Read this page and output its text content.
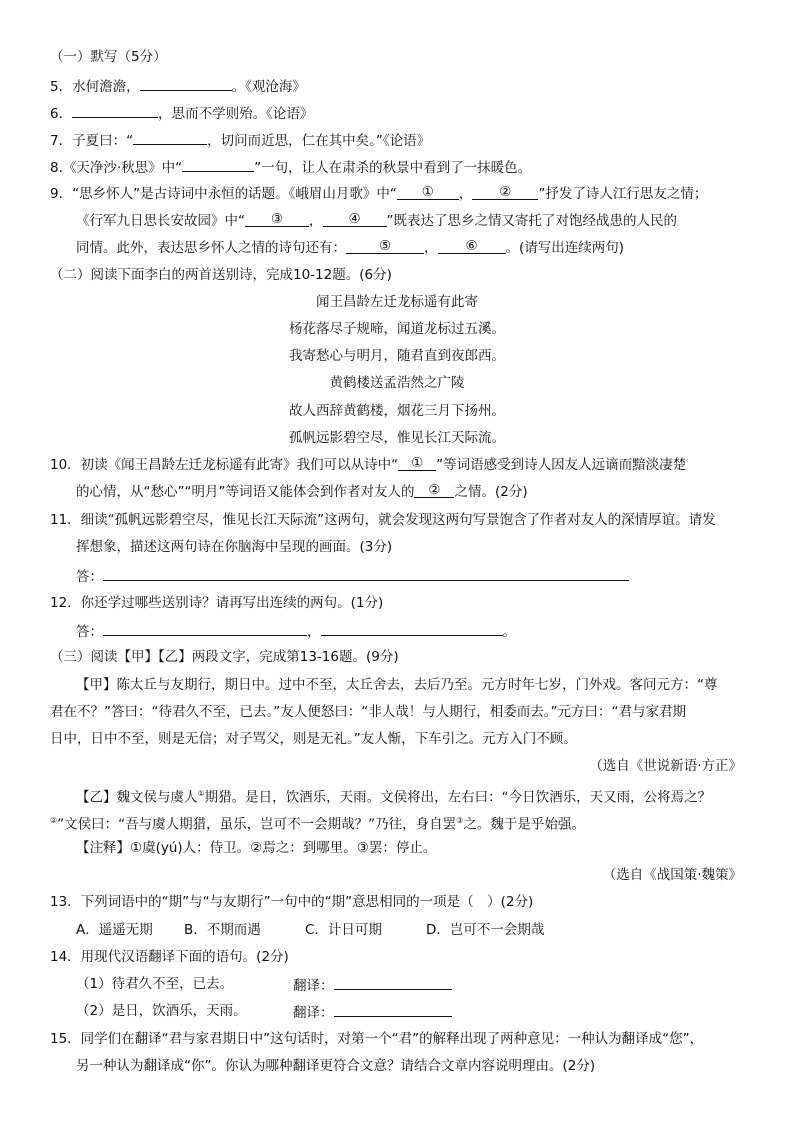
（一）默写（5分）
5．水何澹澹，	。《观沧海》
6．	，思而不学则殆。《论语》
7．子夏曰：“	，切问而近思，仁在其中矣。”《论语》
8.《天净沙·秋思》中“	”一句，让人在肃杀的秋景中看到了一抹暖色。
9．“思乡怀人”是古诗词中永恒的话题。《峨眉山月歌》中“ ① ， ② ”抒发了诗人江行思友之情；
《行军九日思长安故园》中“ ③ ， ④ ”既表达了思乡之情又寄托了对饱经战患的人民的
同情。此外，表达思乡怀人之情的诗句还有： ⑤ ， ⑥ 。(请写出连续两句)
（二）阅读下面李白的两首送别诗，完成10-12题。(6分)
闻王昌龄左迁龙标遥有此寄
杨花落尽子规啼，闻道龙标过五溪。
我寄愁心与明月，随君直到夜郎西。
黄鹤楼送孟浩然之广陵
故人西辞黄鹤楼，烟花三月下扬州。
孤帆远影碧空尽，惟见长江天际流。
10．初读《闻王昌龄左迁龙标遥有此寄》我们可以从诗中“ ① ”等词语感受到诗人因友人远谪而黯淡凄楚
的心情，从“愁心”“明月”等词语又能体会到作者对友人的 ② 之情。(2分)
11．细读“孤帆远影碧空尽，惟见长江天际流”这两句，就会发现这两句写景饱含了作者对友人的深情厚谊。请发
挥想象，描述这两句诗在你脑海中呈现的画面。(3分)
答：
12．你还学过哪些送别诗？请再写出连续的两句。(1分)
答：	，	。
（三）阅读【甲】【乙】两段文字，完成第13-16题。(9分)
【甲】陈太丘与友期行，期日中。过中不至，太丘舍去，去后乃至。元方时年七岁，门外戏。客问元方：“尊
君在不？”答曰：“待君久不至，已去。”友人便怒曰：“非人哉！与人期行，相委而去。”元方曰：“君与家君期
日中，日中不至，则是无信；对子骂父，则是无礼。”友人惭，下车引之。元方入门不顾。
（选自《世说新语·方正》
【乙】魏文侯与虞人①期猎。是日，饮酒乐，天雨。文侯将出，左右曰：“今日饮酒乐，天又雨，公将焉之？
②”文侯曰：“吾与虞人期猎，虽乐，岂可不一会期哉？”乃往，身自罢③之。魏于是乎始强。
【注释】①虞(yú)人：侍卫。②焉之：到哪里。③罢：停止。
（选自《战国策·魏策》
13．下列词语中的“期”与“与友期行”一句中的“期”意思相同的一项是（　）(2分)
A．遥遥无期 B．不期而遇	C．计日可期	D．岂可不一会期哉
14．用现代汉语翻译下面的语句。(2分)
（1）待君久不至，已去。	翻译：
（2）是日，饮酒乐，天雨。	翻译：
15．同学们在翻译“君与家君期日中”这句话时，对第一个“君”的解释出现了两种意见：一种认为翻译成“您”，
另一种认为翻译成“你”。你认为哪种翻译更符合文意？请结合文章内容说明理由。(2分)
